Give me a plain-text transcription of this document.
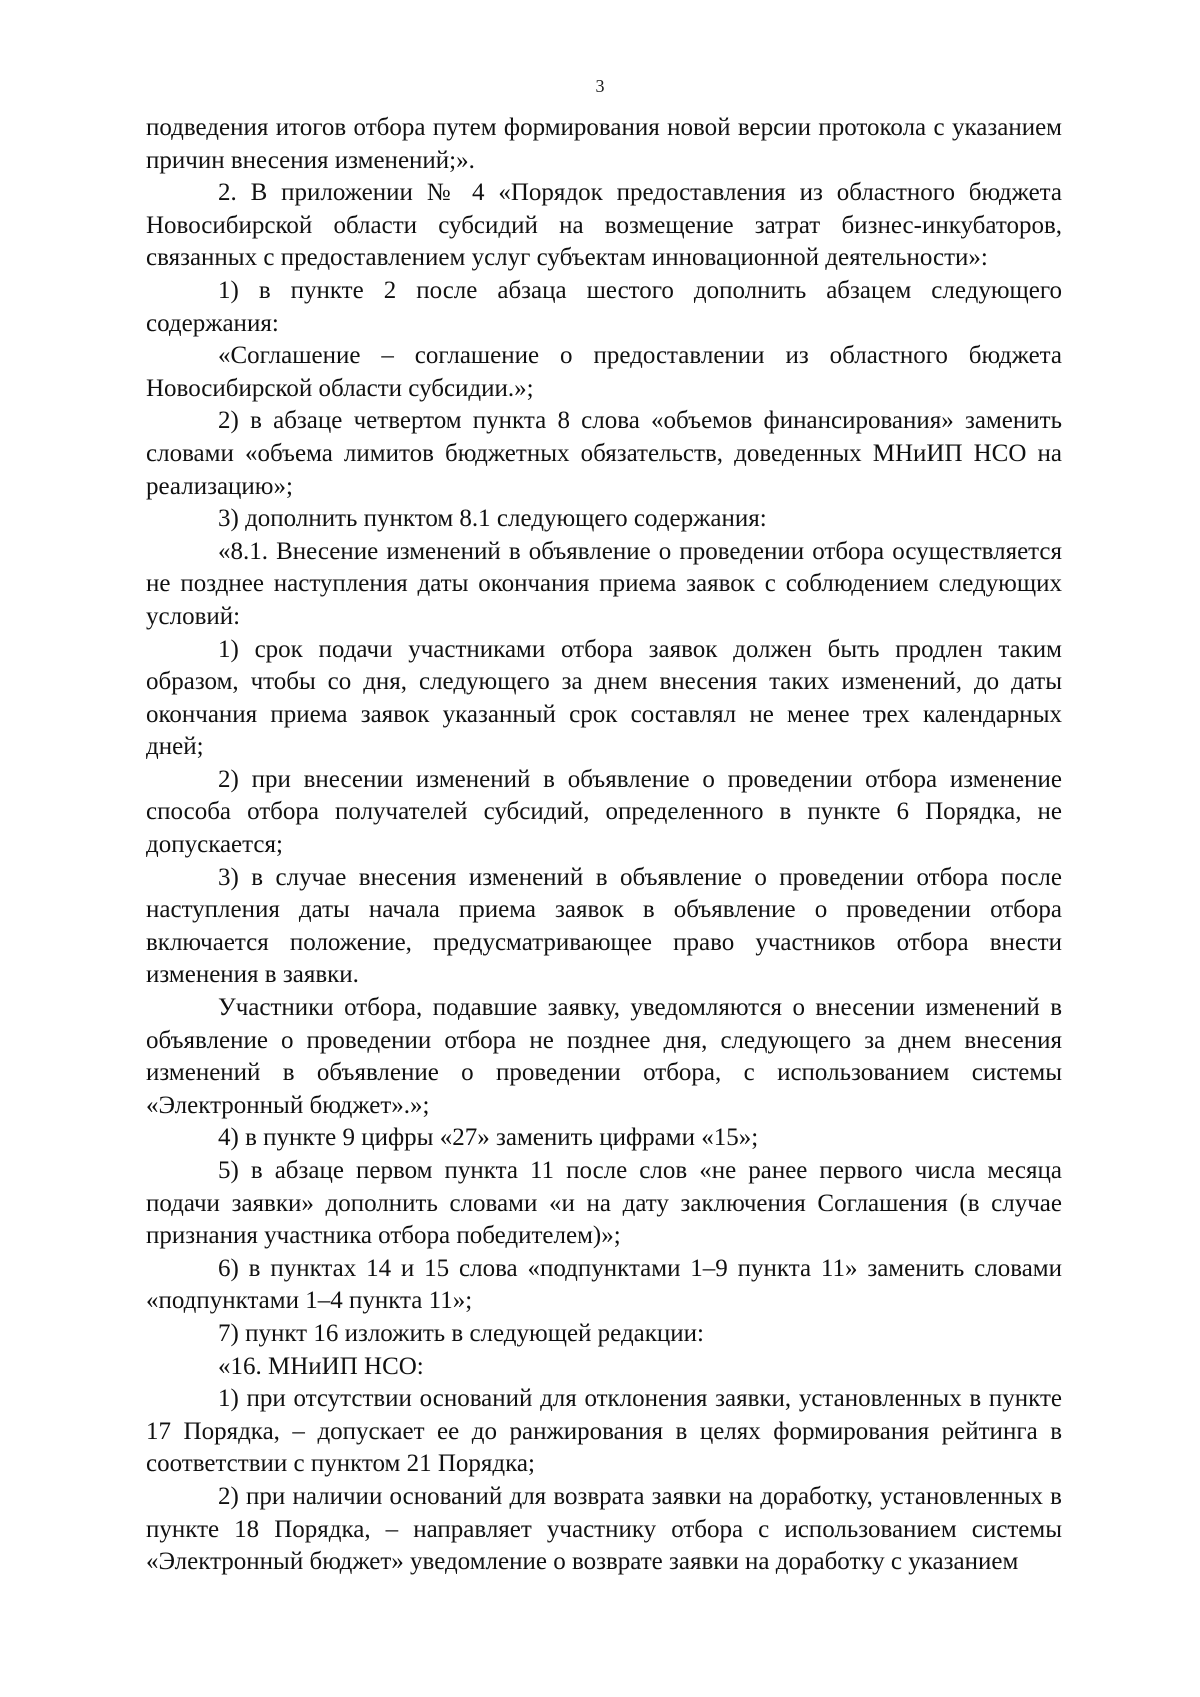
3

подведения итогов отбора путем формирования новой версии протокола с указанием причин внесения изменений;».

2. В приложении № 4 «Порядок предоставления из областного бюджета Новосибирской области субсидий на возмещение затрат бизнес-инкубаторов, связанных с предоставлением услуг субъектам инновационной деятельности»:

1) в пункте 2 после абзаца шестого дополнить абзацем следующего содержания:

«Соглашение – соглашение о предоставлении из областного бюджета Новосибирской области субсидии.»;

2) в абзаце четвертом пункта 8 слова «объемов финансирования» заменить словами «объема лимитов бюджетных обязательств, доведенных МНиИП НСО на реализацию»;

3) дополнить пунктом 8.1 следующего содержания:

«8.1. Внесение изменений в объявление о проведении отбора осуществляется не позднее наступления даты окончания приема заявок с соблюдением следующих условий:

1) срок подачи участниками отбора заявок должен быть продлен таким образом, чтобы со дня, следующего за днем внесения таких изменений, до даты окончания приема заявок указанный срок составлял не менее трех календарных дней;

2) при внесении изменений в объявление о проведении отбора изменение способа отбора получателей субсидий, определенного в пункте 6 Порядка, не допускается;

3) в случае внесения изменений в объявление о проведении отбора после наступления даты начала приема заявок в объявление о проведении отбора включается положение, предусматривающее право участников отбора внести изменения в заявки.

Участники отбора, подавшие заявку, уведомляются о внесении изменений в объявление о проведении отбора не позднее дня, следующего за днем внесения изменений в объявление о проведении отбора, с использованием системы «Электронный бюджет».»;

4) в пункте 9 цифры «27» заменить цифрами «15»;

5) в абзаце первом пункта 11 после слов «не ранее первого числа месяца подачи заявки» дополнить словами «и на дату заключения Соглашения (в случае признания участника отбора победителем)»;

6) в пунктах 14 и 15 слова «подпунктами 1–9 пункта 11» заменить словами «подпунктами 1–4 пункта 11»;

7) пункт 16 изложить в следующей редакции:

«16. МНиИП НСО:

1) при отсутствии оснований для отклонения заявки, установленных в пункте 17 Порядка, – допускает ее до ранжирования в целях формирования рейтинга в соответствии с пунктом 21 Порядка;

2) при наличии оснований для возврата заявки на доработку, установленных в пункте 18 Порядка, – направляет участнику отбора с использованием системы «Электронный бюджет» уведомление о возврате заявки на доработку с указанием
